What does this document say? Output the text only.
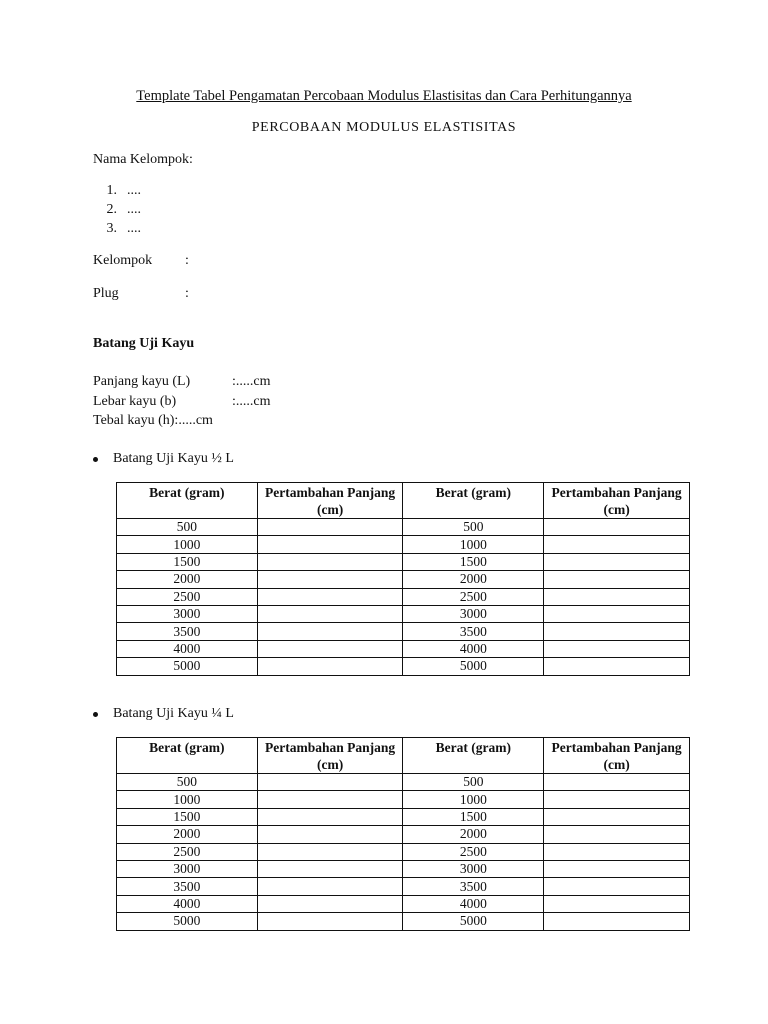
Template Tabel Pengamatan Percobaan Modulus Elastisitas dan Cara Perhitungannya
PERCOBAAN MODULUS ELASTISITAS
Nama Kelompok:
1. ....
2. ....
3. ....
Kelompok :
Plug	:
Batang Uji Kayu
Panjang kayu (L)	:.....cm
Lebar kayu (b)	:.....cm
Tebal kayu (h):.....cm
Batang Uji Kayu ½ L
Berat (gram)	Pertambahan Panjang (cm)	Berat (gram)	Pertambahan Panjang (cm)
500		500	
1000		1000	
1500		1500	
2000		2000	
2500		2500	
3000		3000	
3500		3500	
4000		4000	
5000		5000	
Batang Uji Kayu ¼ L
Berat (gram)	Pertambahan Panjang (cm)	Berat (gram)	Pertambahan Panjang (cm)
500		500	
1000		1000	
1500		1500	
2000		2000	
2500		2500	
3000		3000	
3500		3500	
4000		4000	
5000		5000	
